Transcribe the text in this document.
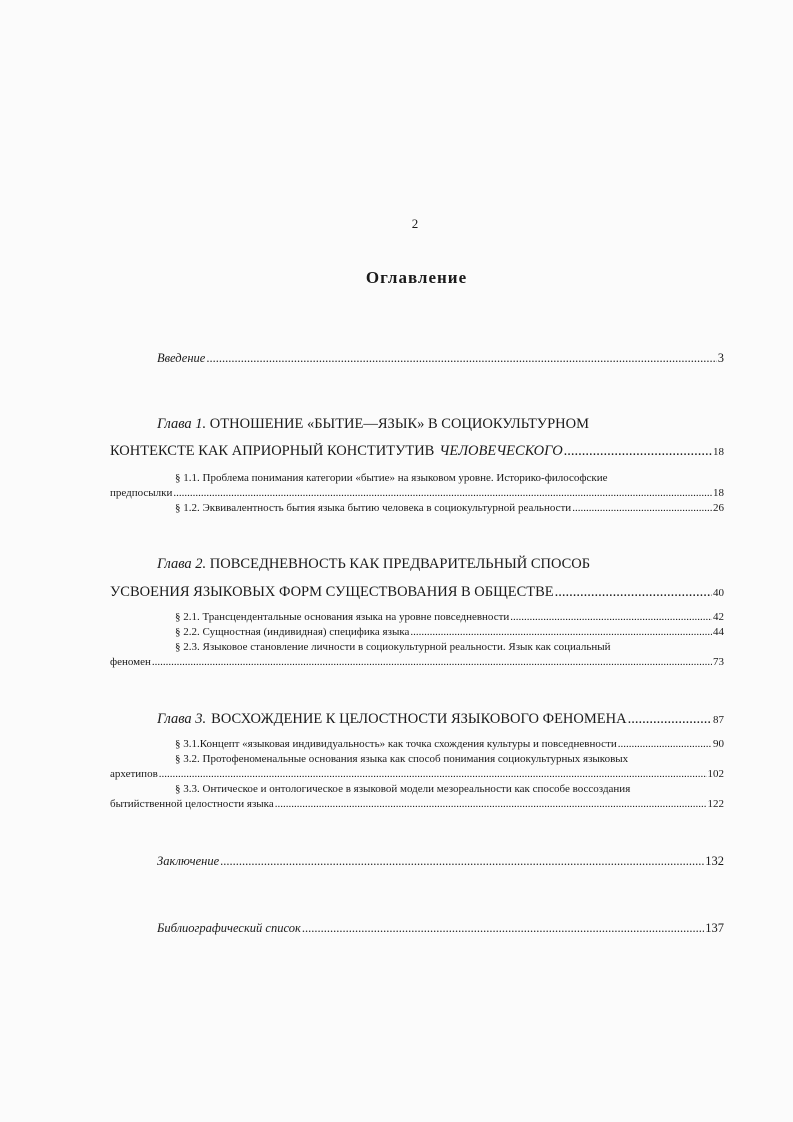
2
Оглавление
Введение .....	3
Глава 1. ОТНОШЕНИЕ «БЫТИЕ—ЯЗЫК» В СОЦИОКУЛЬТУРНОМ
КОНТЕКСТЕ КАК АПРИОРНЫЙ КОНСТИТУТИВ ЧЕЛОВЕЧЕСКОГО .....	18
§ 1.1. Проблема понимания категории «бытие» на языковом уровне. Историко-философские
предпосылки .....	18
§ 1.2. Эквивалентность бытия языка бытию человека в социокультурной реальности .....	26
Глава 2. ПОВСЕДНЕВНОСТЬ КАК ПРЕДВАРИТЕЛЬНЫЙ СПОСОБ
УСВОЕНИЯ ЯЗЫКОВЫХ ФОРМ СУЩЕСТВОВАНИЯ В ОБЩЕСТВЕ .....	40
§ 2.1. Трансцендентальные основания языка на уровне повседневности .....	42
§ 2.2. Сущностная (индивидная) специфика языка .....	44
§ 2.3. Языковое становление личности в социокультурной реальности. Язык как социальный
феномен .....	73
Глава 3. ВОСХОЖДЕНИЕ К ЦЕЛОСТНОСТИ ЯЗЫКОВОГО ФЕНОМЕНА .....	87
§ 3.1.Концепт «языковая индивидуальность» как точка схождения культуры и повседневности .....	90
§ 3.2. Протофеноменальные основания языка как способ понимания социокультурных языковых
архетипов .....	102
§ 3.3. Онтическое и онтологическое в языковой модели мезореальности как способе воссоздания
бытийственной целостности языка .....	122
Заключение .....	132
Библиографический список .....	137
